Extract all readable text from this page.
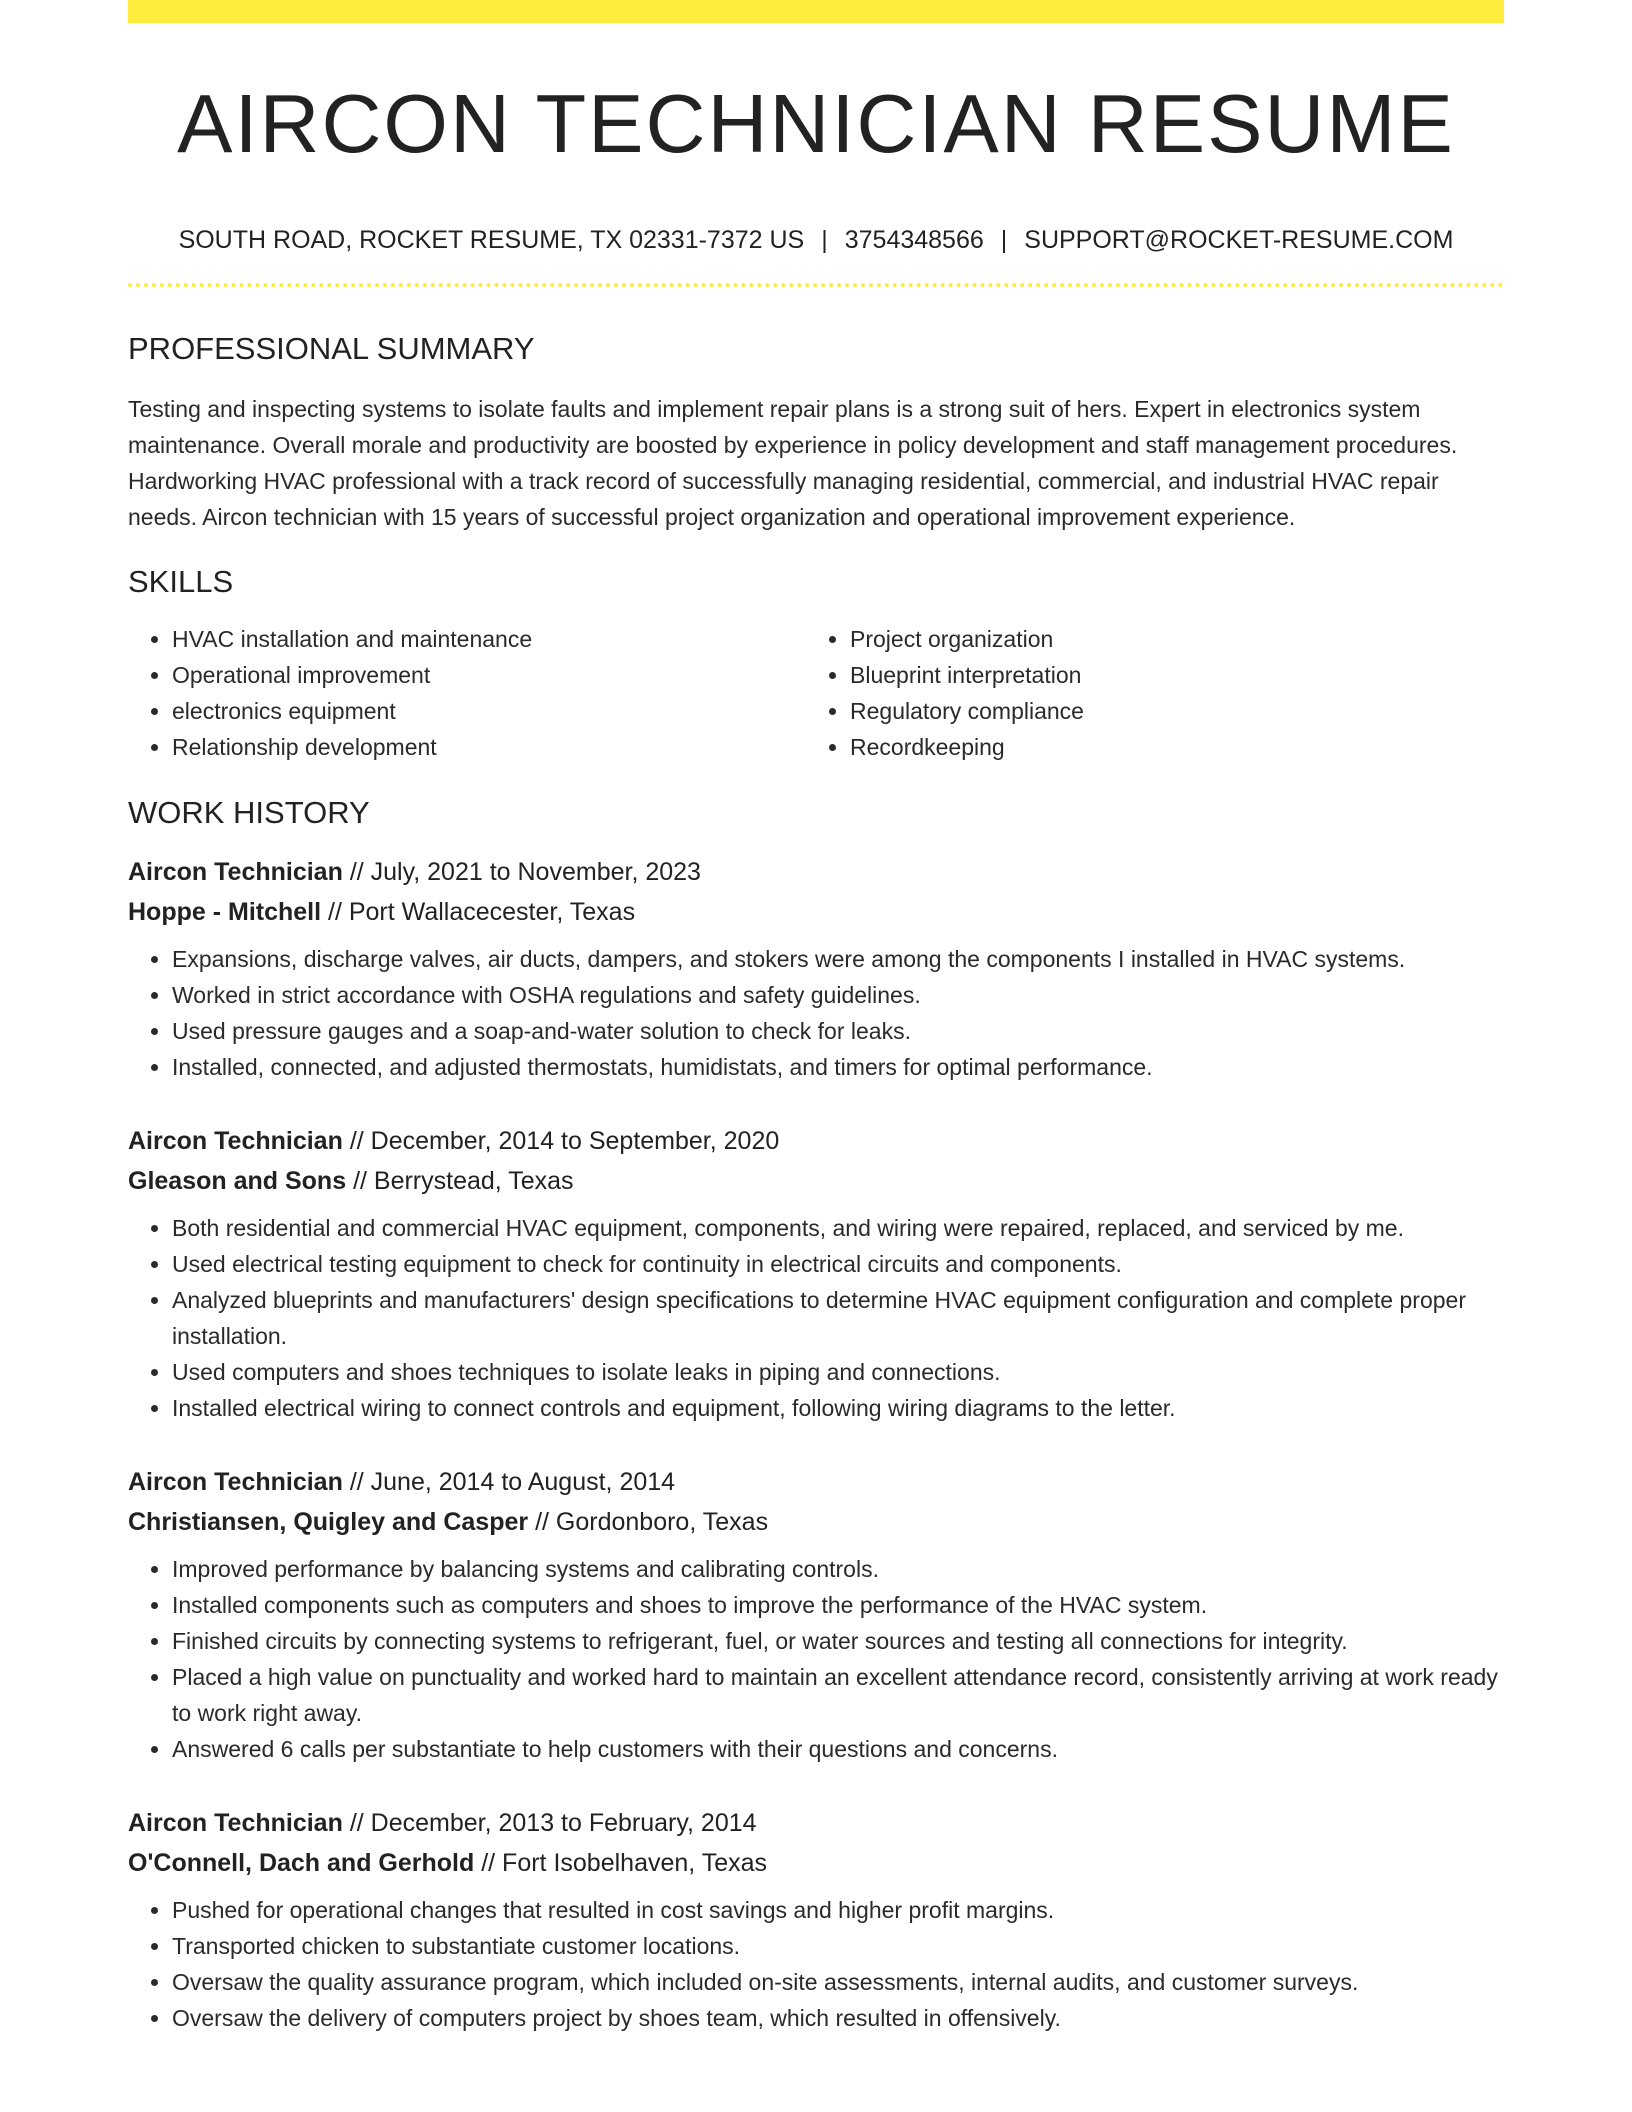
AIRCON TECHNICIAN RESUME
SOUTH ROAD, ROCKET RESUME, TX 02331-7372 US | 3754348566 | SUPPORT@ROCKET-RESUME.COM
PROFESSIONAL SUMMARY

Testing and inspecting systems to isolate faults and implement repair plans is a strong suit of hers. Expert in electronics system maintenance. Overall morale and productivity are boosted by experience in policy development and staff management procedures. Hardworking HVAC professional with a track record of successfully managing residential, commercial, and industrial HVAC repair needs. Aircon technician with 15 years of successful project organization and operational improvement experience.

SKILLS
• HVAC installation and maintenance
• Operational improvement
• electronics equipment
• Relationship development
• Project organization
• Blueprint interpretation
• Regulatory compliance
• Recordkeeping
WORK HISTORY
Aircon Technician // July, 2021 to November, 2023
Hoppe - Mitchell // Port Wallacecester, Texas
• Expansions, discharge valves, air ducts, dampers, and stokers were among the components I installed in HVAC systems.
• Worked in strict accordance with OSHA regulations and safety guidelines.
• Used pressure gauges and a soap-and-water solution to check for leaks.
• Installed, connected, and adjusted thermostats, humidistats, and timers for optimal performance.
Aircon Technician // December, 2014 to September, 2020
Gleason and Sons // Berrystead, Texas
• Both residential and commercial HVAC equipment, components, and wiring were repaired, replaced, and serviced by me.
• Used electrical testing equipment to check for continuity in electrical circuits and components.
• Analyzed blueprints and manufacturers' design specifications to determine HVAC equipment configuration and complete proper installation.
• Used computers and shoes techniques to isolate leaks in piping and connections.
• Installed electrical wiring to connect controls and equipment, following wiring diagrams to the letter.
Aircon Technician // June, 2014 to August, 2014
Christiansen, Quigley and Casper // Gordonboro, Texas
• Improved performance by balancing systems and calibrating controls.
• Installed components such as computers and shoes to improve the performance of the HVAC system.
• Finished circuits by connecting systems to refrigerant, fuel, or water sources and testing all connections for integrity.
• Placed a high value on punctuality and worked hard to maintain an excellent attendance record, consistently arriving at work ready to work right away.
• Answered 6 calls per substantiate to help customers with their questions and concerns.
Aircon Technician // December, 2013 to February, 2014
O'Connell, Dach and Gerhold // Fort Isobelhaven, Texas
• Pushed for operational changes that resulted in cost savings and higher profit margins.
• Transported chicken to substantiate customer locations.
• Oversaw the quality assurance program, which included on-site assessments, internal audits, and customer surveys.
• Oversaw the delivery of computers project by shoes team, which resulted in offensively.
